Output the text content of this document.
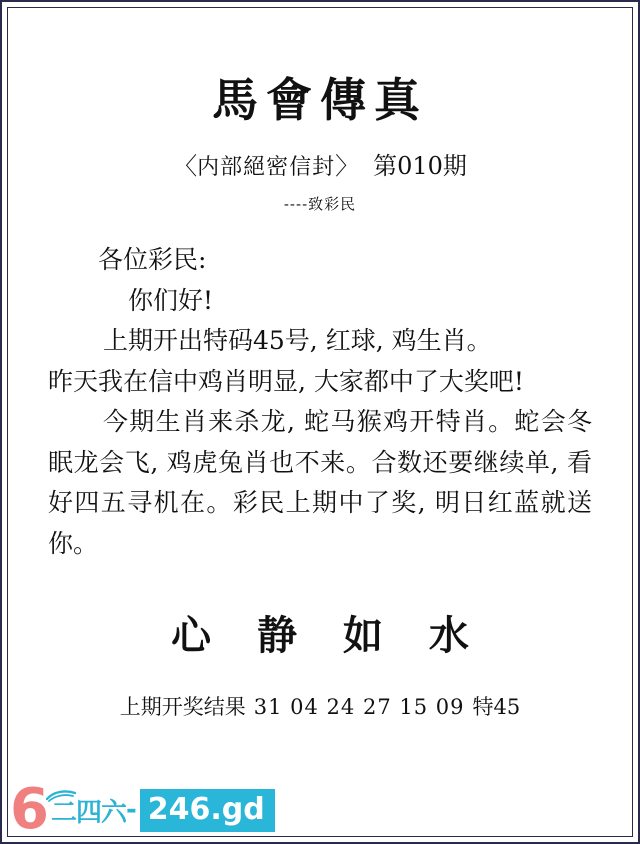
馬會傳真
〈内部絕密信封〉 第010期
----致彩民

各位彩民:

你们好!

上期开出特码45号, 红球, 鸡生肖。

昨天我在信中鸡肖明显, 大家都中了大奖吧!

今期生肖来杀龙, 蛇马猴鸡开特肖。蛇会冬眠龙会飞, 鸡虎兔肖也不来。合数还要继续单, 看好四五寻机在。彩民上期中了奖, 明日红蓝就送你。

心 静 如 水
上期开奖结果 31 04 24 27 15 09 特45
6 二四六 - 246.gd
